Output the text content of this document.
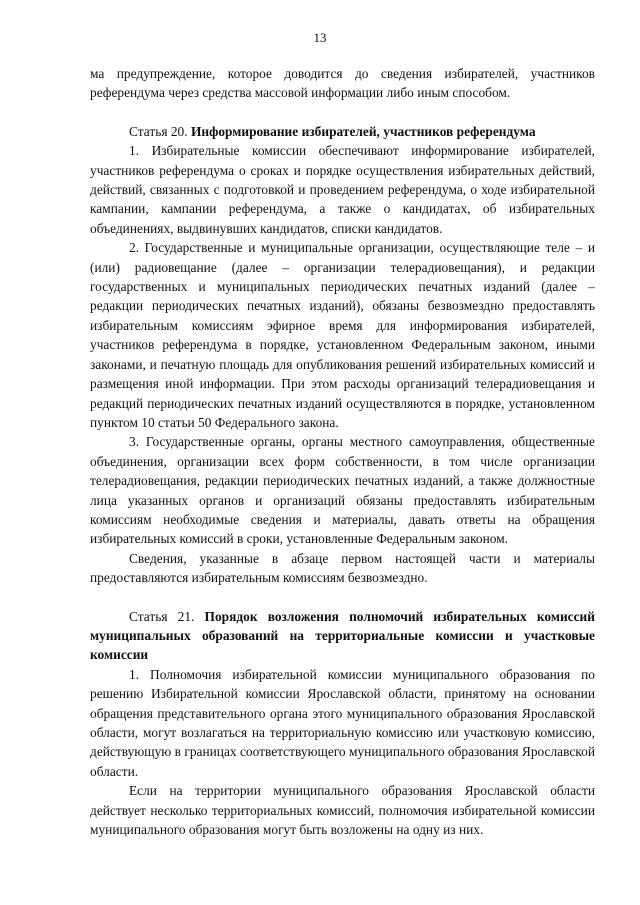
13

ма предупреждение, которое доводится до сведения избирателей, участников референдума через средства массовой информации либо иным способом.

Статья 20. Информирование избирателей, участников референдума

1. Избирательные комиссии обеспечивают информирование избирателей, участников референдума о сроках и порядке осуществления избирательных действий, действий, связанных с подготовкой и проведением референдума, о ходе избирательной кампании, кампании референдума, а также о кандидатах, об избирательных объединениях, выдвинувших кандидатов, списки кандидатов.

2. Государственные и муниципальные организации, осуществляющие теле – и (или) радиовещание (далее – организации телерадиовещания), и редакции государственных и муниципальных периодических печатных изданий (далее – редакции периодических печатных изданий), обязаны безвозмездно предоставлять избирательным комиссиям эфирное время для информирования избирателей, участников референдума в порядке, установленном Федеральным законом, иными законами, и печатную площадь для опубликования решений избирательных комиссий и размещения иной информации. При этом расходы организаций телерадиовещания и редакций периодических печатных изданий осуществляются в порядке, установленном пунктом 10 статьи 50 Федерального закона.

3. Государственные органы, органы местного самоуправления, общественные объединения, организации всех форм собственности, в том числе организации телерадиовещания, редакции периодических печатных изданий, а также должностные лица указанных органов и организаций обязаны предоставлять избирательным комиссиям необходимые сведения и материалы, давать ответы на обращения избирательных комиссий в сроки, установленные Федеральным законом.

Сведения, указанные в абзаце первом настоящей части и материалы предоставляются избирательным комиссиям безвозмездно.

Статья 21. Порядок возложения полномочий избирательных комиссий муниципальных образований на территориальные комиссии и участковые комиссии

1. Полномочия избирательной комиссии муниципального образования по решению Избирательной комиссии Ярославской области, принятому на основании обращения представительного органа этого муниципального образования Ярославской области, могут возлагаться на территориальную комиссию или участковую комиссию, действующую в границах соответствующего муниципального образования Ярославской области.

Если на территории муниципального образования Ярославской области действует несколько территориальных комиссий, полномочия избирательной комиссии муниципального образования могут быть возложены на одну из них.
